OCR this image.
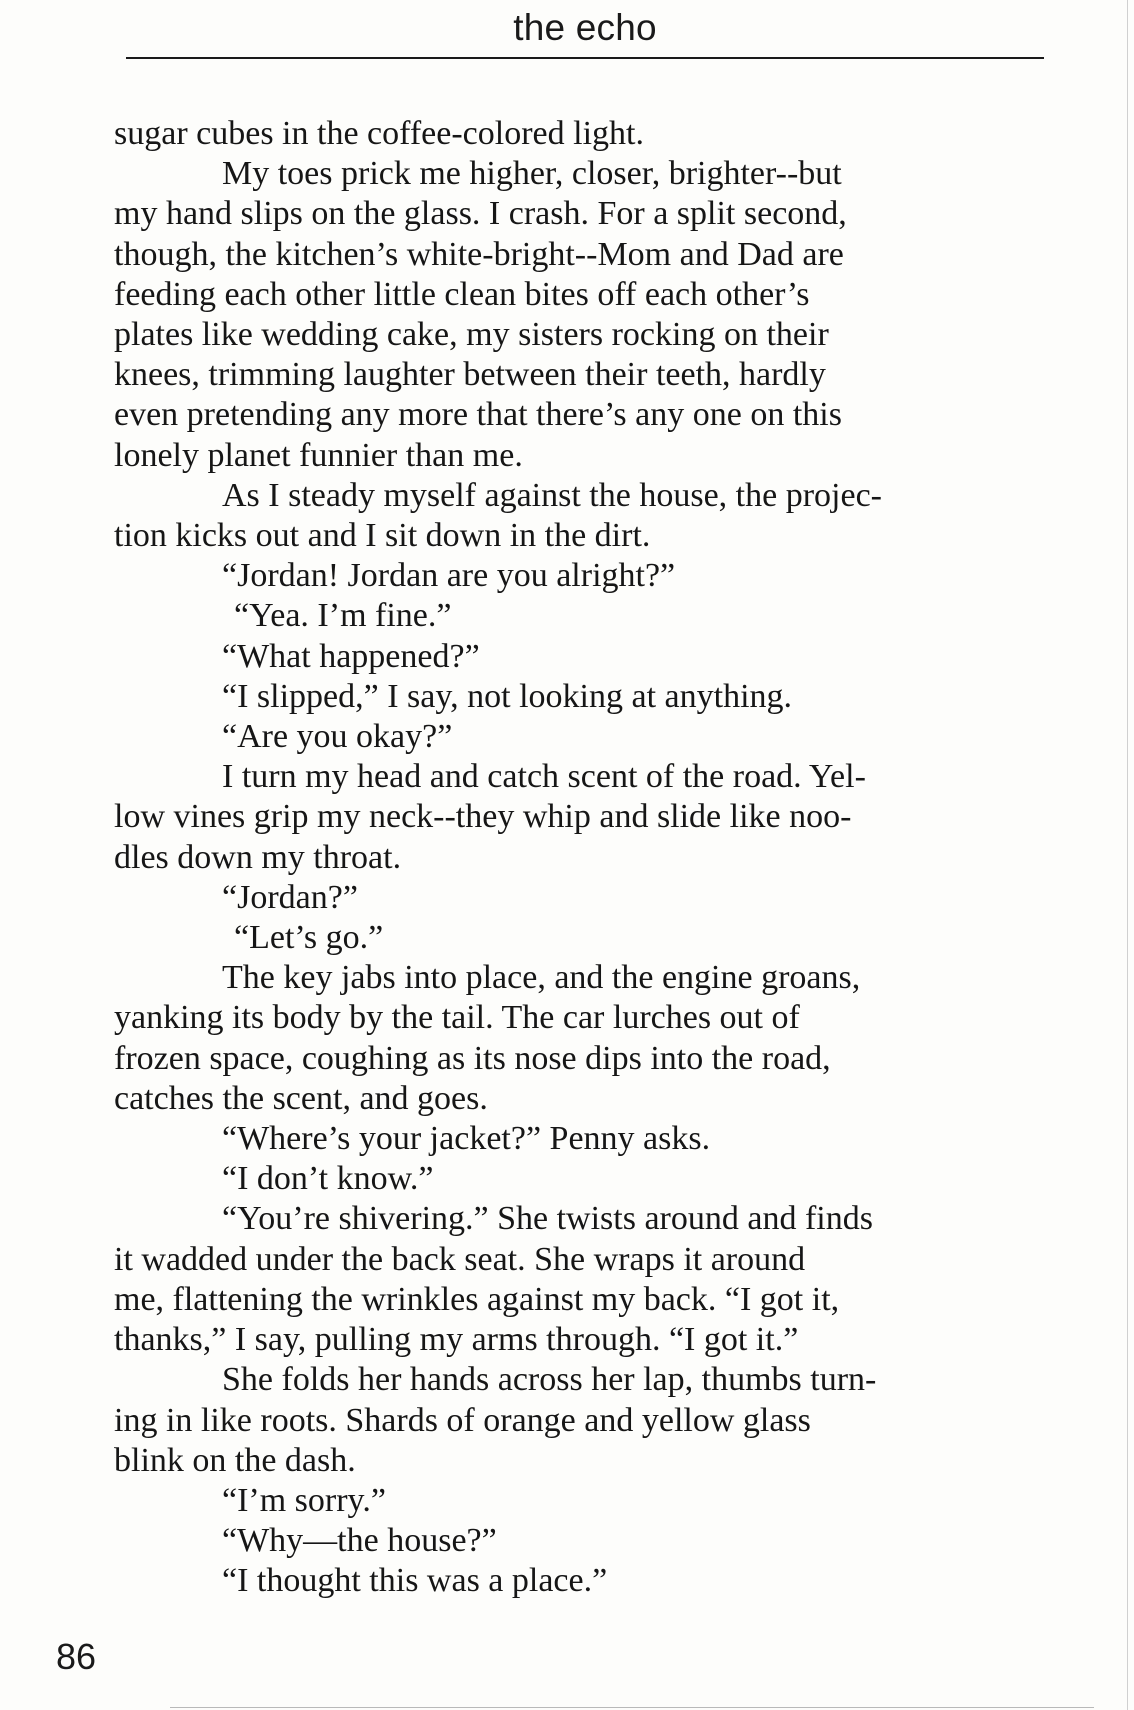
the echo

sugar cubes in the coffee-colored light.

My toes prick me higher, closer, brighter--but

my hand slips on the glass. I crash. For a split second,

though, the kitchen’s white-bright--Mom and Dad are

feeding each other little clean bites off each other’s

plates like wedding cake, my sisters rocking on their

knees, trimming laughter between their teeth, hardly

even pretending any more that there’s any one on this

lonely planet funnier than me.

As I steady myself against the house, the projec-

tion kicks out and I sit down in the dirt.

“Jordan! Jordan are you alright?”

“Yea. I’m fine.”

“What happened?”

“I slipped,” I say, not looking at anything.

“Are you okay?”

I turn my head and catch scent of the road. Yel-

low vines grip my neck--they whip and slide like noo-

dles down my throat.

“Jordan?”

“Let’s go.”

The key jabs into place, and the engine groans,

yanking its body by the tail. The car lurches out of

frozen space, coughing as its nose dips into the road,

catches the scent, and goes.

“Where’s your jacket?” Penny asks.

“I don’t know.”

“You’re shivering.” She twists around and finds

it wadded under the back seat. She wraps it around

me, flattening the wrinkles against my back. “I got it,

thanks,” I say, pulling my arms through. “I got it.”

She folds her hands across her lap, thumbs turn-

ing in like roots. Shards of orange and yellow glass

blink on the dash.

“I’m sorry.”

“Why—the house?”

“I thought this was a place.”

86
